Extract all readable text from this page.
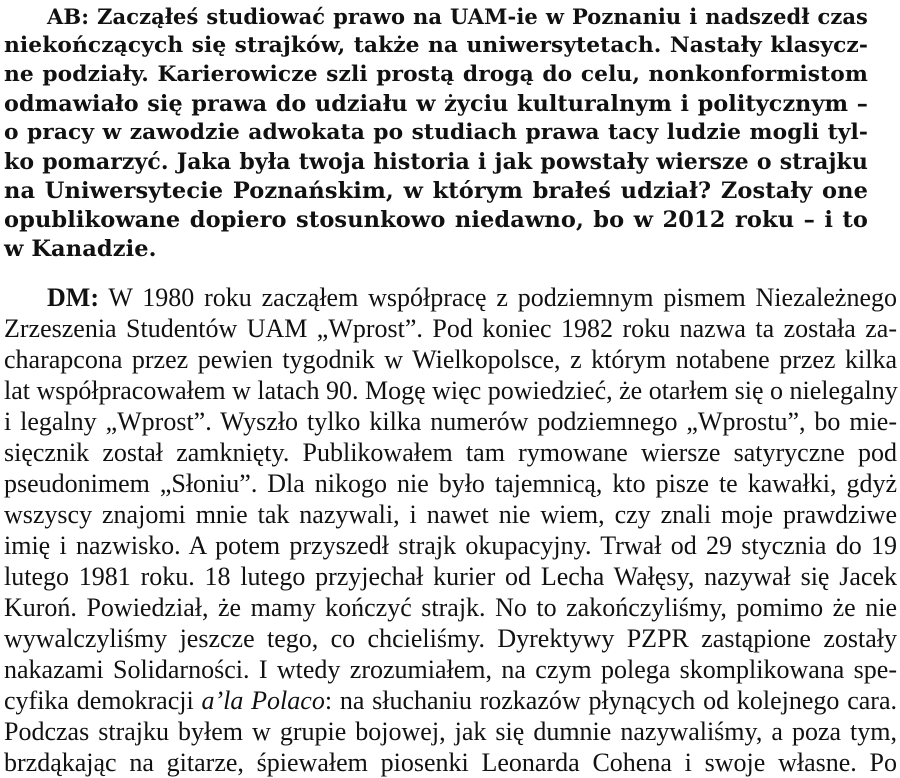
AB: Zacząłeś studiować prawo na UAM-ie w Poznaniu i nadszedł czas

niekończących się strajków, także na uniwersytetach. Nastały klasycz-

ne podziały. Karierowicze szli prostą drogą do celu, nonkonformistom

odmawiało się prawa do udziału w życiu kulturalnym i politycznym –

o pracy w zawodzie adwokata po studiach prawa tacy ludzie mogli tyl-

ko pomarzyć. Jaka była twoja historia i jak powstały wiersze o strajku

na Uniwersytecie Poznańskim, w którym brałeś udział? Zostały one

opublikowane dopiero stosunkowo niedawno, bo w 2012 roku – i to

w Kanadzie.

DM: W 1980 roku zacząłem współpracę z podziemnym pismem Niezależnego

Zrzeszenia Studentów UAM „Wprost”. Pod koniec 1982 roku nazwa ta została za-

charapcona przez pewien tygodnik w Wielkopolsce, z którym notabene przez kilka

lat współpracowałem w latach 90. Mogę więc powiedzieć, że otarłem się o nielegalny

i legalny „Wprost”. Wyszło tylko kilka numerów podziemnego „Wprostu”, bo mie-

sięcznik został zamknięty. Publikowałem tam rymowane wiersze satyryczne pod

pseudonimem „Słoniu”. Dla nikogo nie było tajemnicą, kto pisze te kawałki, gdyż

wszyscy znajomi mnie tak nazywali, i nawet nie wiem, czy znali moje prawdziwe

imię i nazwisko. A potem przyszedł strajk okupacyjny. Trwał od 29 stycznia do 19

lutego 1981 roku. 18 lutego przyjechał kurier od Lecha Wałęsy, nazywał się Jacek

Kuroń. Powiedział, że mamy kończyć strajk. No to zakończyliśmy, pomimo że nie

wywalczyliśmy jeszcze tego, co chcieliśmy. Dyrektywy PZPR zastąpione zostały

nakazami Solidarności. I wtedy zrozumiałem, na czym polega skomplikowana spe-

cyfika demokracji a’la Polaco: na słuchaniu rozkazów płynących od kolejnego cara.

Podczas strajku byłem w grupie bojowej, jak się dumnie nazywaliśmy, a poza tym,

brzdąkając na gitarze, śpiewałem piosenki Leonarda Cohena i swoje własne. Po
